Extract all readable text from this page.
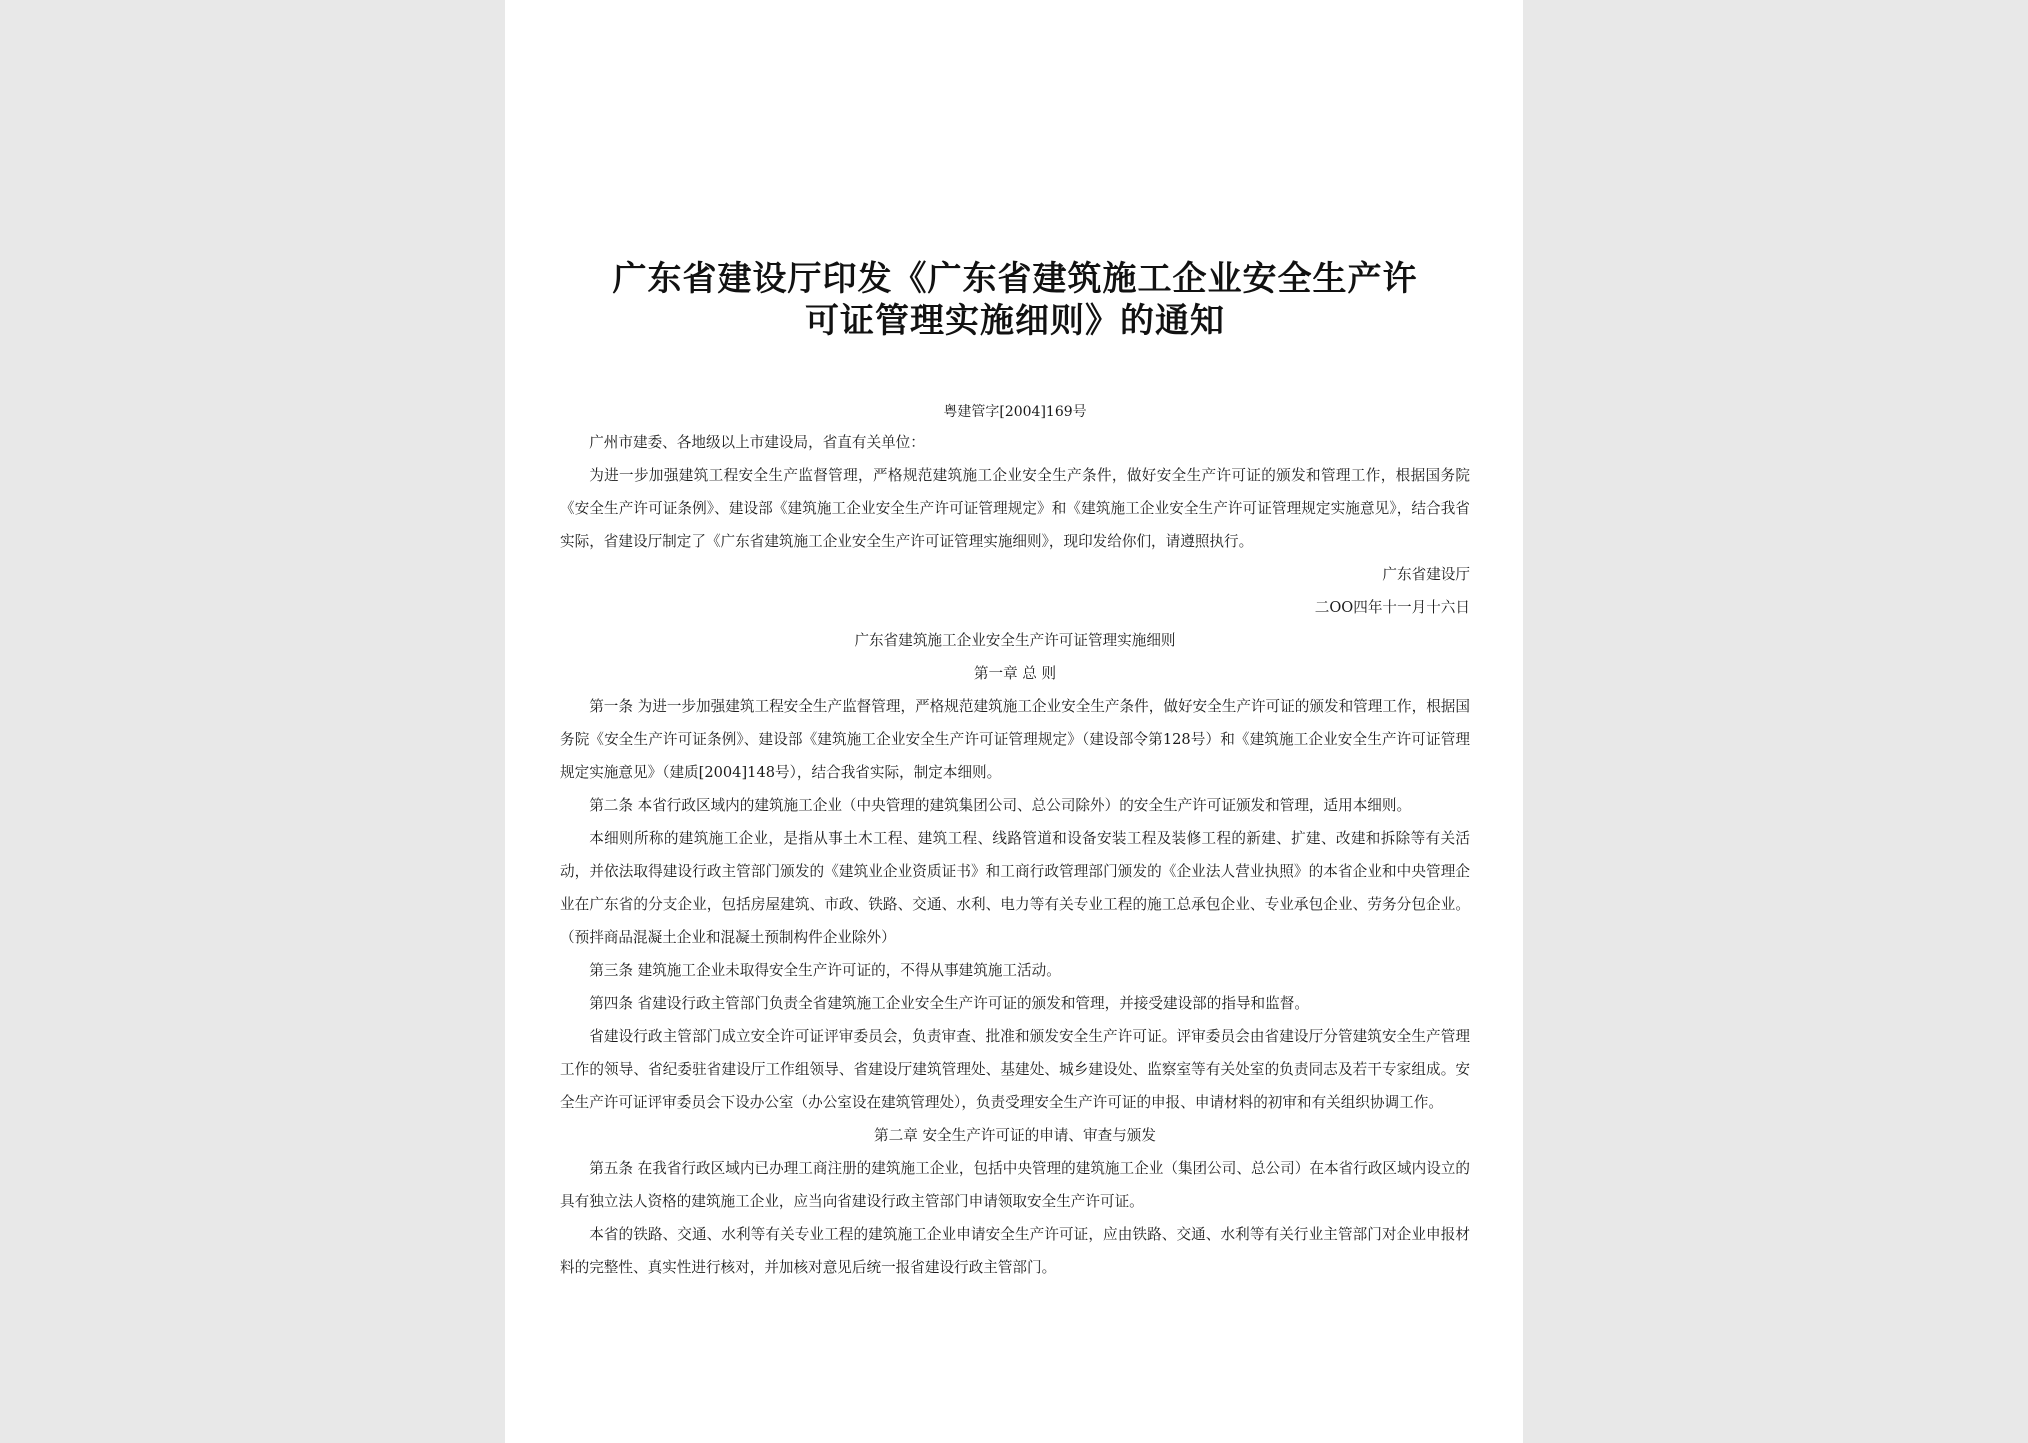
广东省建设厅印发《广东省建筑施工企业安全生产许
可证管理实施细则》的通知
粤建管字[2004]169号

广州市建委、各地级以上市建设局，省直有关单位：

为进一步加强建筑工程安全生产监督管理，严格规范建筑施工企业安全生产条件，做好安全生产许可证的颁发和管理工作，根据国务院《安全生产许可证条例》、建设部《建筑施工企业安全生产许可证管理规定》和《建筑施工企业安全生产许可证管理规定实施意见》，结合我省实际，省建设厅制定了《广东省建筑施工企业安全生产许可证管理实施细则》，现印发给你们，请遵照执行。

广东省建设厅
二OO四年十一月十六日
广东省建筑施工企业安全生产许可证管理实施细则
第一章 总 则

第一条 为进一步加强建筑工程安全生产监督管理，严格规范建筑施工企业安全生产条件，做好安全生产许可证的颁发和管理工作，根据国务院《安全生产许可证条例》、建设部《建筑施工企业安全生产许可证管理规定》（建设部令第128号）和《建筑施工企业安全生产许可证管理规定实施意见》（建质[2004]148号），结合我省实际，制定本细则。

第二条 本省行政区域内的建筑施工企业（中央管理的建筑集团公司、总公司除外）的安全生产许可证颁发和管理，适用本细则。

本细则所称的建筑施工企业，是指从事土木工程、建筑工程、线路管道和设备安装工程及装修工程的新建、扩建、改建和拆除等有关活动，并依法取得建设行政主管部门颁发的《建筑业企业资质证书》和工商行政管理部门颁发的《企业法人营业执照》的本省企业和中央管理企业在广东省的分支企业，包括房屋建筑、市政、铁路、交通、水利、电力等有关专业工程的施工总承包企业、专业承包企业、劳务分包企业。（预拌商品混凝土企业和混凝土预制构件企业除外）

第三条 建筑施工企业未取得安全生产许可证的，不得从事建筑施工活动。

第四条 省建设行政主管部门负责全省建筑施工企业安全生产许可证的颁发和管理，并接受建设部的指导和监督。

省建设行政主管部门成立安全许可证评审委员会，负责审查、批准和颁发安全生产许可证。评审委员会由省建设厅分管建筑安全生产管理工作的领导、省纪委驻省建设厅工作组领导、省建设厅建筑管理处、基建处、城乡建设处、监察室等有关处室的负责同志及若干专家组成。安全生产许可证评审委员会下设办公室（办公室设在建筑管理处），负责受理安全生产许可证的申报、申请材料的初审和有关组织协调工作。

第二章 安全生产许可证的申请、审查与颁发

第五条 在我省行政区域内已办理工商注册的建筑施工企业，包括中央管理的建筑施工企业（集团公司、总公司）在本省行政区域内设立的具有独立法人资格的建筑施工企业，应当向省建设行政主管部门申请领取安全生产许可证。

本省的铁路、交通、水利等有关专业工程的建筑施工企业申请安全生产许可证，应由铁路、交通、水利等有关行业主管部门对企业申报材料的完整性、真实性进行核对，并加核对意见后统一报省建设行政主管部门。
